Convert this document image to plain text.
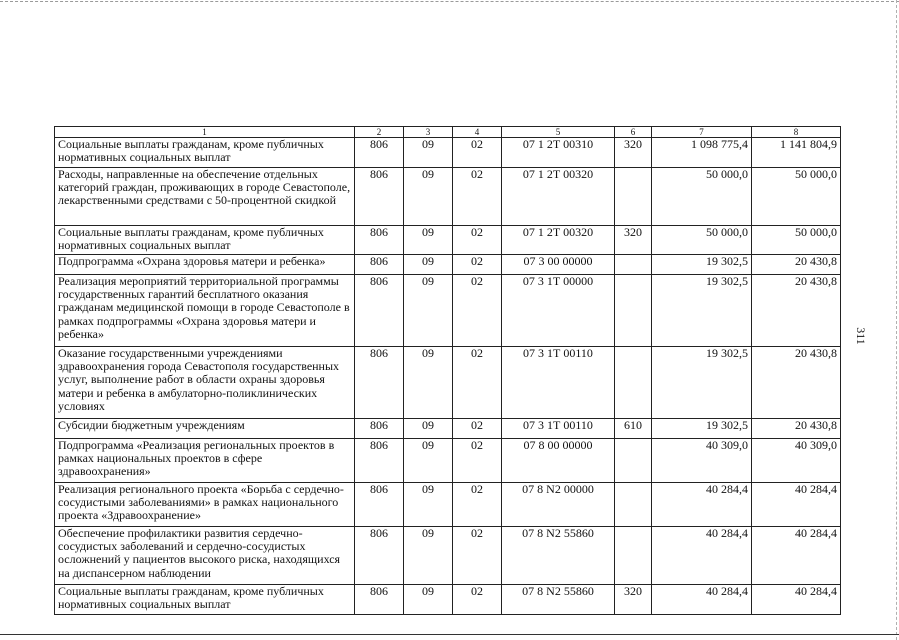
311
1	2	3	4	5	6	7	8
Социальные выплаты гражданам, кроме публичных нормативных социальных выплат	806	09	02	07 1 2Т 00310	320	1 098 775,4	1 141 804,9
Расходы, направленные на обеспечение отдельных категорий граждан, проживающих в городе Севастополе, лекарственными средствами с 50-процентной скидкой	806	09	02	07 1 2Т 00320		50 000,0	50 000,0
Социальные выплаты гражданам, кроме публичных нормативных социальных выплат	806	09	02	07 1 2Т 00320	320	50 000,0	50 000,0
Подпрограмма «Охрана здоровья матери и ребенка»	806	09	02	07 3 00 00000		19 302,5	20 430,8
Реализация мероприятий территориальной программы государственных гарантий бесплатного оказания гражданам медицинской помощи в городе Севастополе в рамках подпрограммы «Охрана здоровья матери и ребенка»	806	09	02	07 3 1Т 00000		19 302,5	20 430,8
Оказание государственными учреждениями здравоохранения города Севастополя государственных услуг, выполнение работ в области охраны здоровья матери и ребенка в амбулаторно-поликлинических условиях	806	09	02	07 3 1Т 00110		19 302,5	20 430,8
Субсидии бюджетным учреждениям	806	09	02	07 3 1Т 00110	610	19 302,5	20 430,8
Подпрограмма «Реализация региональных проектов в рамках национальных проектов в сфере здравоохранения»	806	09	02	07 8 00 00000		40 309,0	40 309,0
Реализация регионального проекта «Борьба с сердечно-сосудистыми заболеваниями» в рамках национального проекта «Здравоохранение»	806	09	02	07 8 N2 00000		40 284,4	40 284,4
Обеспечение профилактики развития сердечно-сосудистых заболеваний и сердечно-сосудистых осложнений у пациентов высокого риска, находящихся на диспансерном наблюдении	806	09	02	07 8 N2 55860		40 284,4	40 284,4
Социальные выплаты гражданам, кроме публичных нормативных социальных выплат	806	09	02	07 8 N2 55860	320	40 284,4	40 284,4
